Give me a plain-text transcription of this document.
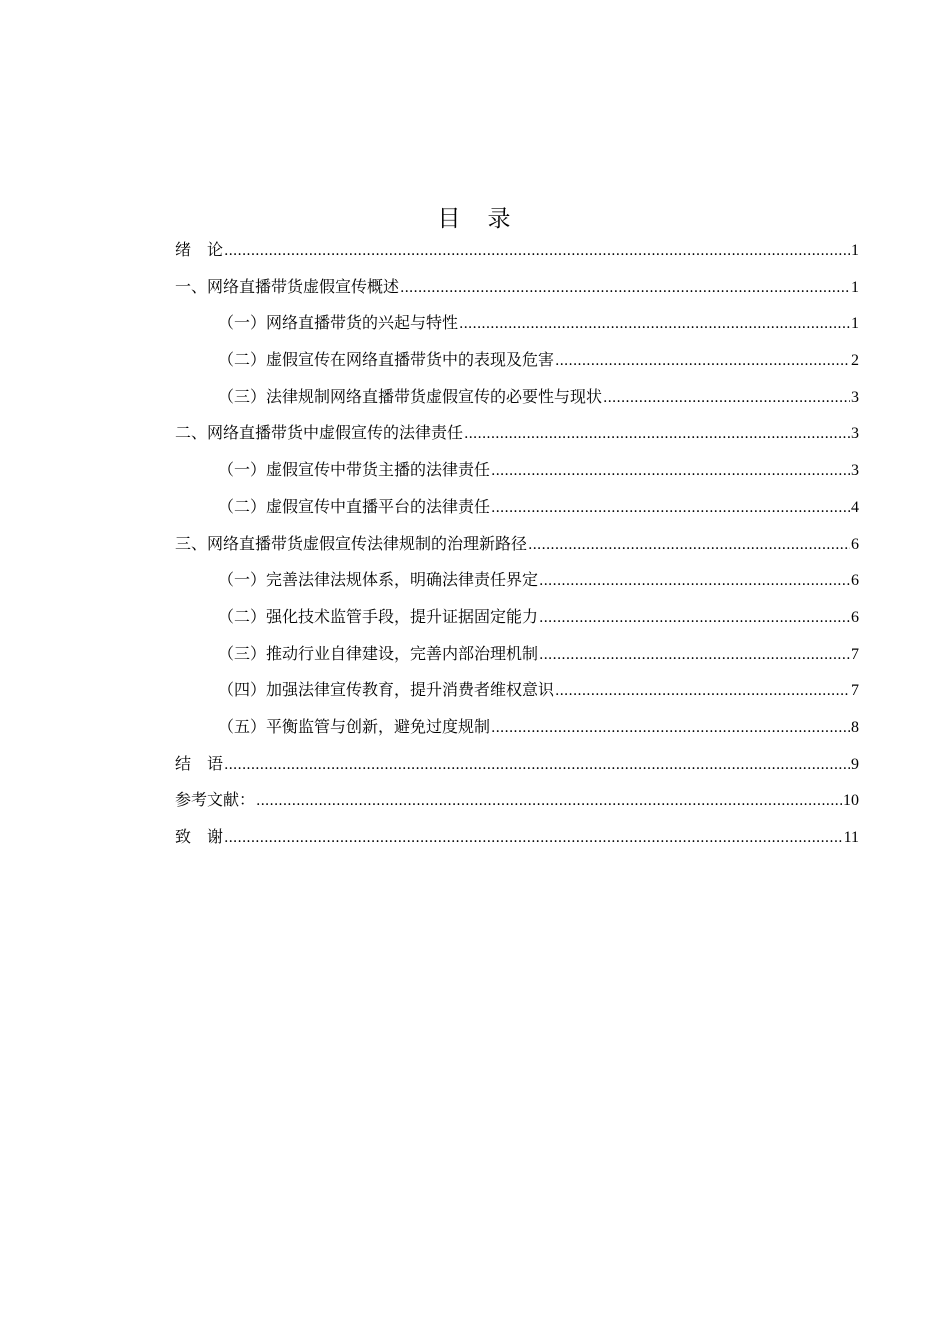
目　录
绪　论 .....	1
一、网络直播带货虚假宣传概述 .....	1
（一）网络直播带货的兴起与特性 .....	1
（二）虚假宣传在网络直播带货中的表现及危害 .....	2
（三）法律规制网络直播带货虚假宣传的必要性与现状 .....	3
二、网络直播带货中虚假宣传的法律责任 .....	3
（一）虚假宣传中带货主播的法律责任 .....	3
（二）虚假宣传中直播平台的法律责任 .....	4
三、网络直播带货虚假宣传法律规制的治理新路径 .....	6
（一）完善法律法规体系，明确法律责任界定 .....	6
（二）强化技术监管手段，提升证据固定能力 .....	6
（三）推动行业自律建设，完善内部治理机制 .....	7
（四）加强法律宣传教育，提升消费者维权意识 .....	7
（五）平衡监管与创新，避免过度规制 .....	8
结　语 .....	9
参考文献： .....	10
致　谢 .....	11
